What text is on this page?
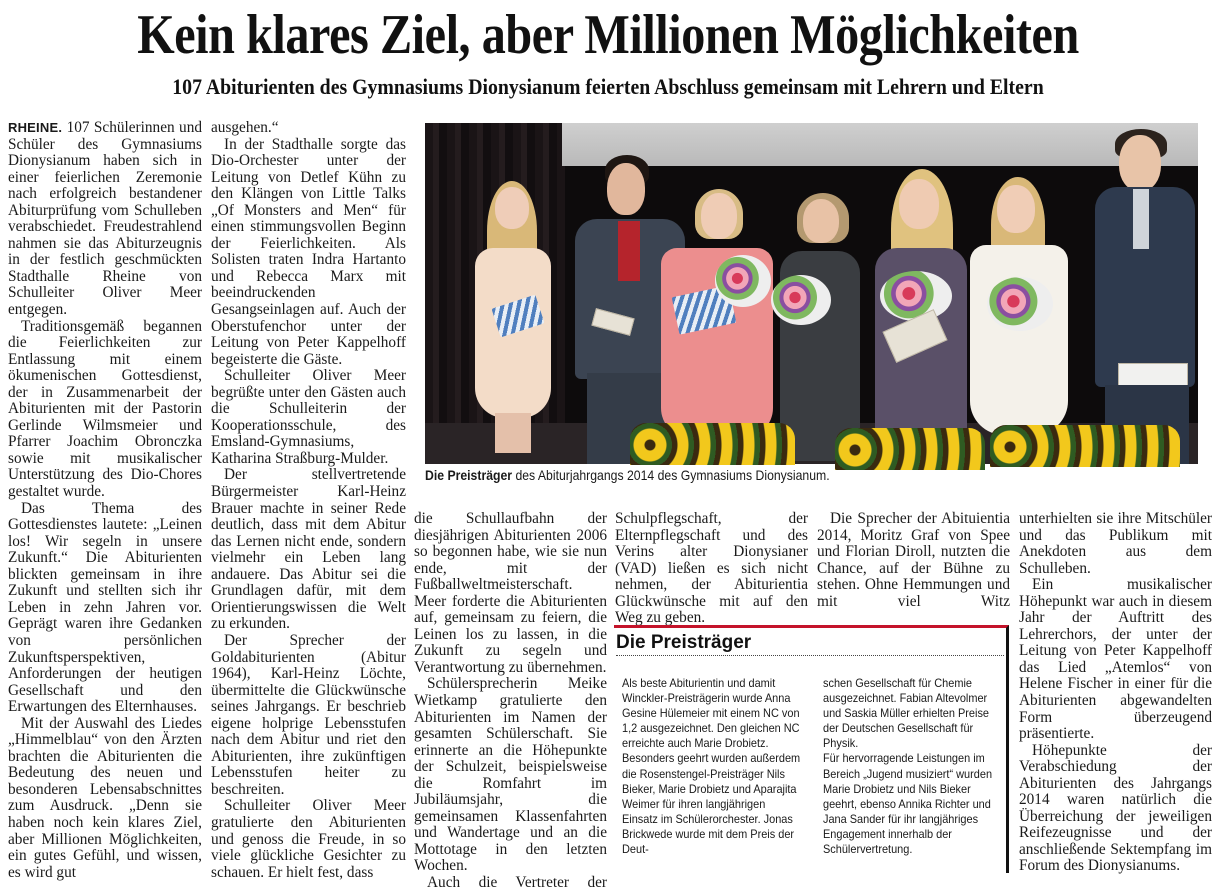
Kein klares Ziel, aber Millionen Möglichkeiten
107 Abiturienten des Gymnasiums Dionysianum feierten Abschluss gemeinsam mit Lehrern und Eltern

RHEINE. 107 Schülerinnen und Schüler des Gymnasiums Dionysianum haben sich in einer feierlichen Zeremonie nach erfolgreich bestandener Abiturprüfung vom Schulleben verabschiedet. Freudestrahlend nahmen sie das Abiturzeugnis in der festlich geschmückten Stadthalle Rheine von Schulleiter Oliver Meer entgegen.

Traditionsgemäß begannen die Feierlichkeiten zur Entlassung mit einem ökumenischen Gottesdienst, der in Zusammenarbeit der Abiturienten mit der Pastorin Gerlinde Wilmsmeier und Pfarrer Joachim Obronczka sowie mit musikalischer Unterstützung des Dio-Chores gestaltet wurde.

Das Thema des Gottesdienstes lautete: „Leinen los! Wir segeln in unsere Zukunft.“ Die Abiturienten blickten gemeinsam in ihre Zukunft und stellten sich ihr Leben in zehn Jahren vor. Geprägt waren ihre Gedanken von persönlichen Zukunftsperspektiven, Anforderungen der heutigen Gesellschaft und den Erwartungen des Elternhauses.

Mit der Auswahl des Liedes „Himmelblau“ von den Ärzten brachten die Abiturienten die Bedeutung des neuen und besonderen Lebensabschnittes zum Ausdruck. „Denn sie haben noch kein klares Ziel, aber Millionen Möglichkeiten, ein gutes Gefühl, und wissen, es wird gut

ausgehen.“

In der Stadthalle sorgte das Dio-Orchester unter der Leitung von Detlef Kühn zu den Klängen von Little Talks „Of Monsters and Men“ für einen stimmungsvollen Beginn der Feierlichkeiten. Als Solisten traten Indra Hartanto und Rebecca Marx mit beeindruckenden Gesangseinlagen auf. Auch der Oberstufenchor unter der Leitung von Peter Kappelhoff begeisterte die Gäste.

Schulleiter Oliver Meer begrüßte unter den Gästen auch die Schulleiterin der Kooperationsschule, des Emsland-Gymnasiums, Katharina Straßburg-Mulder.

Der stellvertretende Bürgermeister Karl-Heinz Brauer machte in seiner Rede deutlich, dass mit dem Abitur das Lernen nicht ende, sondern vielmehr ein Leben lang andauere. Das Abitur sei die Grundlagen dafür, mit dem Orientierungswissen die Welt zu erkunden.

Der Sprecher der Goldabiturienten (Abitur 1964), Karl-Heinz Löchte, übermittelte die Glückwünsche seines Jahrgangs. Er beschrieb eigene holprige Lebensstufen nach dem Abitur und riet den Abiturienten, ihre zukünftigen Lebensstufen heiter zu beschreiten.

Schulleiter Oliver Meer gratulierte den Abiturienten und genoss die Freude, in so viele glückliche Gesichter zu schauen. Er hielt fest, dass

Die Preisträger des Abiturjahrgangs 2014 des Gymnasiums Dionysianum.

die Schullaufbahn der diesjährigen Abiturienten 2006 so begonnen habe, wie sie nun ende, mit der Fußballweltmeisterschaft. Meer forderte die Abiturienten auf, gemeinsam zu feiern, die Leinen los zu lassen, in die Zukunft zu segeln und Verantwortung zu übernehmen.

Schülersprecherin Meike Wietkamp gratulierte den Abiturienten im Namen der gesamten Schülerschaft. Sie erinnerte an die Höhepunkte der Schulzeit, beispielsweise die Romfahrt im Jubiläumsjahr, die gemeinsamen Klassenfahrten und Wandertage und an die Mottotage in den letzten Wochen.

Auch die Vertreter der

Schulpflegschaft, der Elternpflegschaft und des Verins alter Dionysianer (VAD) ließen es sich nicht nehmen, der Abiturientia Glückwünsche mit auf den Weg zu geben.

Die Sprecher der Abituientia 2014, Moritz Graf von Spee und Florian Diroll, nutzten die Chance, auf der Bühne zu stehen. Ohne Hemmungen und mit viel Witz

unterhielten sie ihre Mitschüler und das Publikum mit Anekdoten aus dem Schulleben.

Ein musikalischer Höhepunkt war auch in diesem Jahr der Auftritt des Lehrerchors, der unter der Leitung von Peter Kappelhoff das Lied „Atemlos“ von Helene Fischer in einer für die Abiturienten abgewandelten Form überzeugend präsentierte.

Höhepunkte der Verabschiedung der Abiturienten des Jahrgangs 2014 waren natürlich die Überreichung der jeweiligen Reifezeugnisse und der anschließende Sektempfang im Forum des Dionysianums.

Die Preisträger
Als beste Abiturientin und damit Winckler-Preisträgerin wurde Anna Gesine Hülemeier mit einem NC von 1,2 ausgezeichnet. Den gleichen NC erreichte auch Marie Drobietz. Besonders geehrt wurden außerdem die Rosenstengel-Preisträger Nils Bieker, Marie Drobietz und Aparajita Weimer für ihren langjährigen Einsatz im Schülerorchester. Jonas Brickwede wurde mit dem Preis der Deut-
schen Gesellschaft für Chemie ausgezeichnet. Fabian Altevolmer und Saskia Müller erhielten Preise der Deutschen Gesellschaft für Physik.
Für hervorragende Leistungen im Bereich „Jugend musiziert“ wurden Marie Drobietz und Nils Bieker geehrt, ebenso Annika Richter und Jana Sander für ihr langjähriges Engagement innerhalb der Schülervertretung.
